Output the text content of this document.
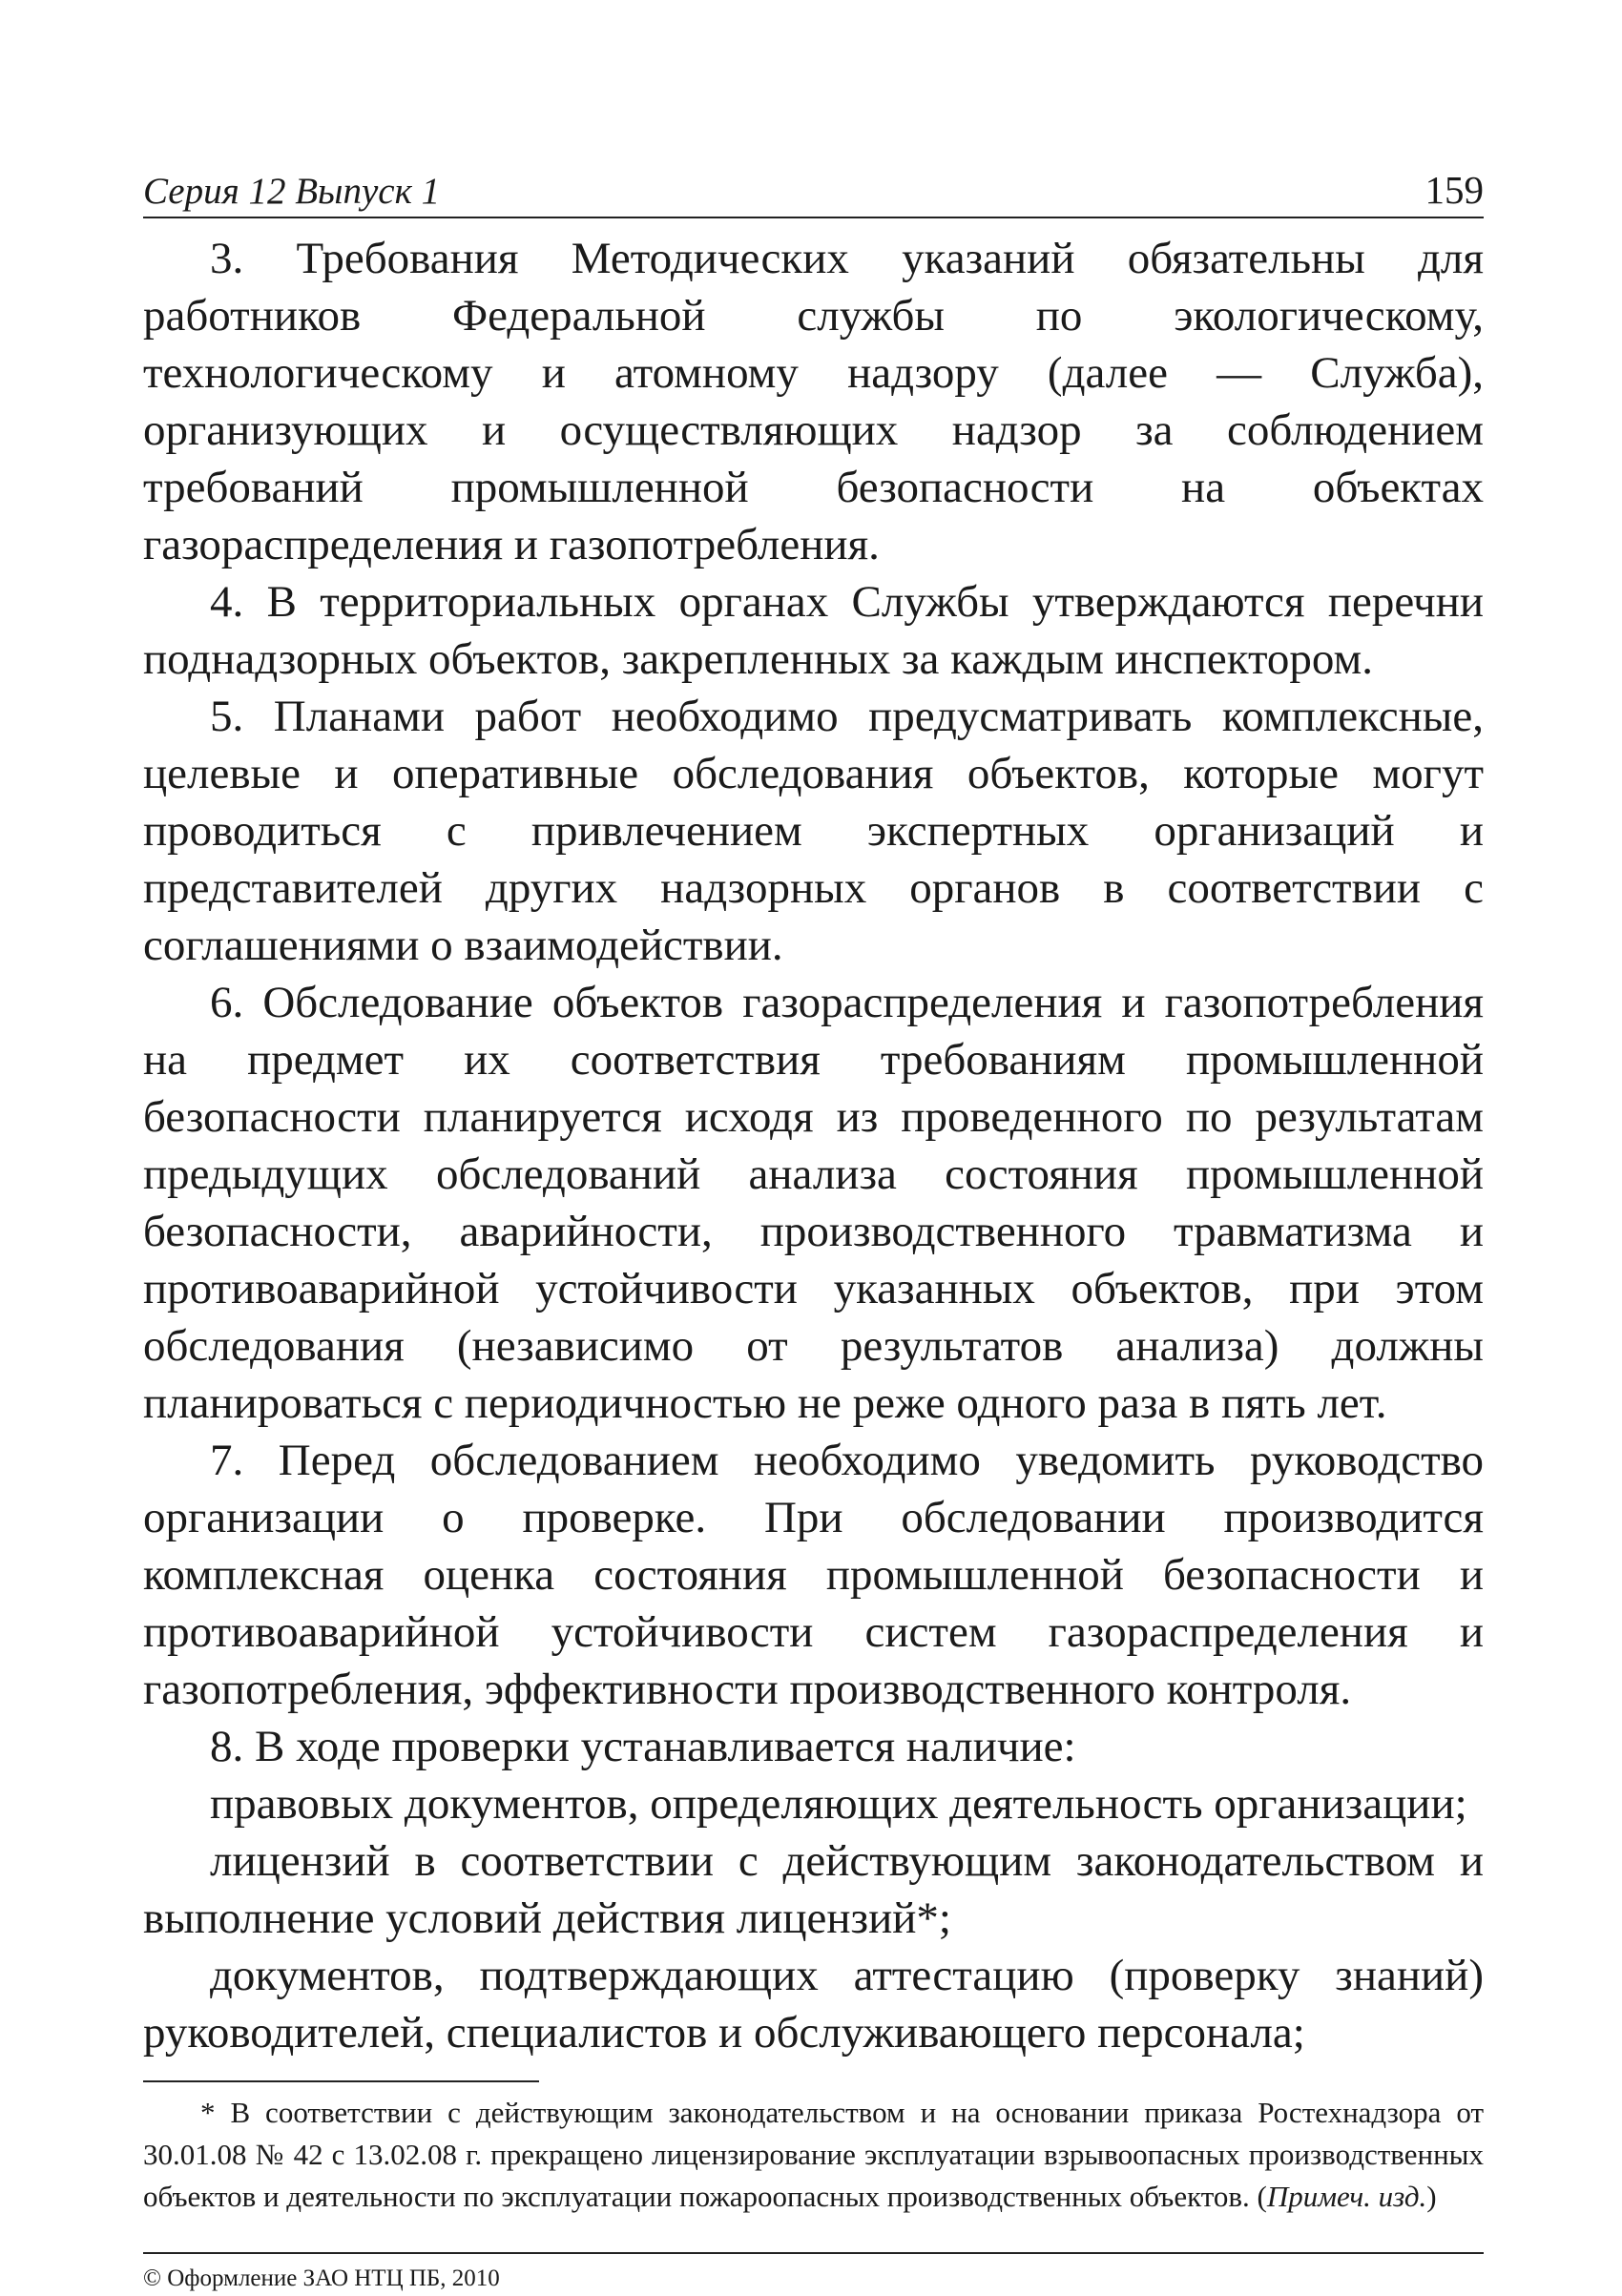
Серия 12 Выпуск 1	159

3. Требования Методических указаний обязательны для работников Федеральной службы по экологическому, технологическому и атомному надзору (далее — Служба), организующих и осуществляющих надзор за соблюдением требований промышленной безопасности на объектах газораспределения и газопотребления.

4. В территориальных органах Службы утверждаются перечни поднадзорных объектов, закрепленных за каждым инспектором.

5. Планами работ необходимо предусматривать комплексные, целевые и оперативные обследования объектов, которые могут проводиться с привлечением экспертных организаций и представителей других надзорных органов в соответствии с соглашениями о взаимодействии.

6. Обследование объектов газораспределения и газопотребления на предмет их соответствия требованиям промышленной безопасности планируется исходя из проведенного по результатам предыдущих обследований анализа состояния промышленной безопасности, аварийности, производственного травматизма и противоаварийной устойчивости указанных объектов, при этом обследования (независимо от результатов анализа) должны планироваться с периодичностью не реже одного раза в пять лет.

7. Перед обследованием необходимо уведомить руководство организации о проверке. При обследовании производится комплексная оценка состояния промышленной безопасности и противоаварийной устойчивости систем газораспределения и газопотребления, эффективности производственного контроля.

8. В ходе проверки устанавливается наличие:

правовых документов, определяющих деятельность организации;

лицензий в соответствии с действующим законодательством и выполнение условий действия лицензий*;

документов, подтверждающих аттестацию (проверку знаний) руководителей, специалистов и обслуживающего персонала;

* В соответствии с действующим законодательством и на основании приказа Ростехнадзора от 30.01.08 № 42 с 13.02.08 г. прекращено лицензирование эксплуатации взрывоопасных производственных объектов и деятельности по эксплуатации пожароопасных производственных объектов. (Примеч. изд.)
© Оформление ЗАО НТЦ ПБ, 2010
